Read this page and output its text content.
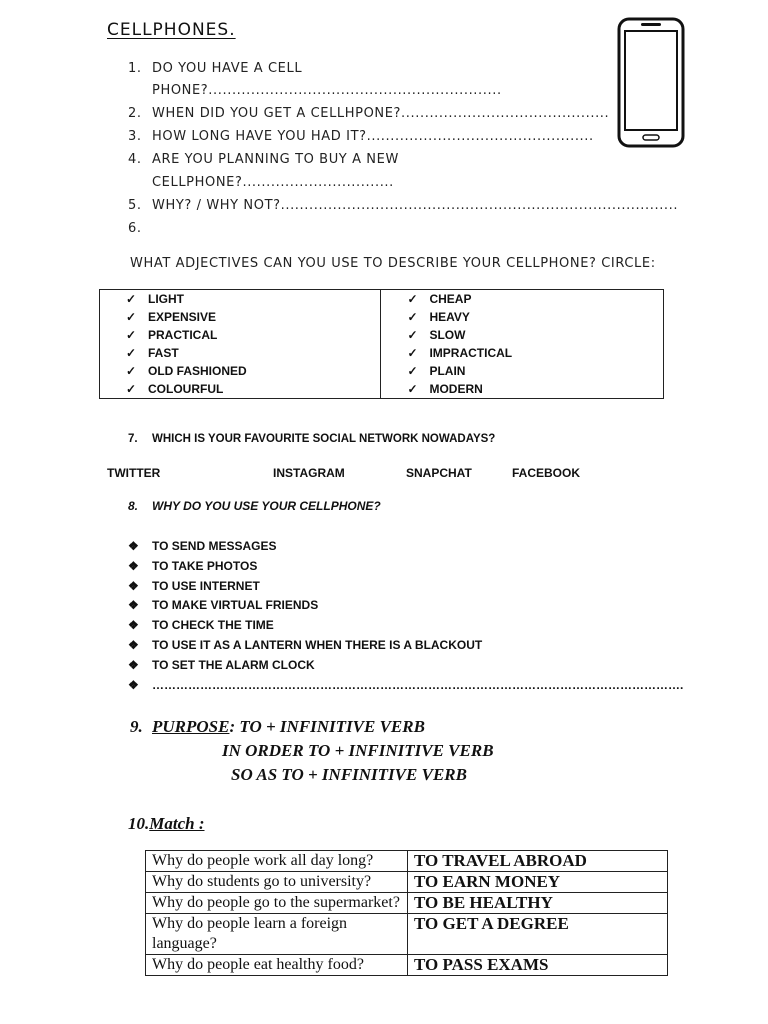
CELLPHONES.
1. DO YOU HAVE A CELL
PHONE?..............................................................
2. WHEN DID YOU GET A CELLHPONE?............................................
3. HOW LONG HAVE YOU HAD IT?................................................
4. ARE YOU PLANNING TO BUY A NEW
CELLPHONE?................................
5. WHY? / WHY NOT?....................................................................................
6.
WHAT ADJECTIVES CAN YOU USE TO DESCRIBE YOUR CELLPHONE? CIRCLE:
✓ LIGHT	✓ CHEAP
✓ EXPENSIVE	✓ HEAVY
✓ PRACTICAL	✓ SLOW
✓ FAST	✓ IMPRACTICAL
✓ OLD FASHIONED	✓ PLAIN
✓ COLOURFUL	✓ MODERN
7. WHICH IS YOUR FAVOURITE SOCIAL NETWORK NOWADAYS?
TWITTER	INSTAGRAM	SNAPCHAT	FACEBOOK
8. WHY DO YOU USE YOUR CELLPHONE?
❖ TO SEND MESSAGES
❖ TO TAKE PHOTOS
❖ TO USE INTERNET
❖ TO MAKE VIRTUAL FRIENDS
❖ TO CHECK THE TIME
❖ TO USE IT AS A LANTERN WHEN THERE IS A BLACKOUT
❖ TO SET THE ALARM CLOCK
❖ …………………………………………………………………………………………………………………….
9. PURPOSE: TO + INFINITIVE VERB
IN ORDER TO + INFINITIVE VERB
SO AS TO + INFINITIVE VERB
10.Match :
Why do people work all day long?	TO TRAVEL ABROAD
Why do students go to university?	TO EARN MONEY
Why do people go to the supermarket?	TO BE HEALTHY
Why do people learn a foreign language?	TO GET A DEGREE
Why do people eat healthy food?	TO PASS EXAMS
